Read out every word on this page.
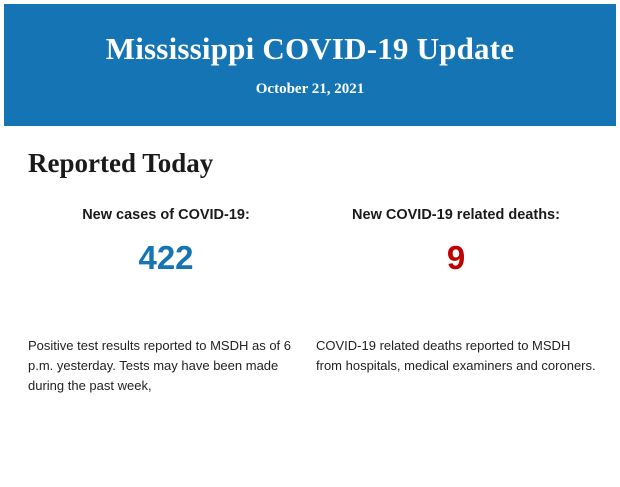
Mississippi COVID-19 Update
October 21, 2021
Reported Today
New cases of COVID-19:
422
New COVID-19 related deaths:
9

Positive test results reported to MSDH as of 6 p.m. yesterday. Tests may have been made during the past week,

COVID-19 related deaths reported to MSDH from hospitals, medical examiners and coroners.
